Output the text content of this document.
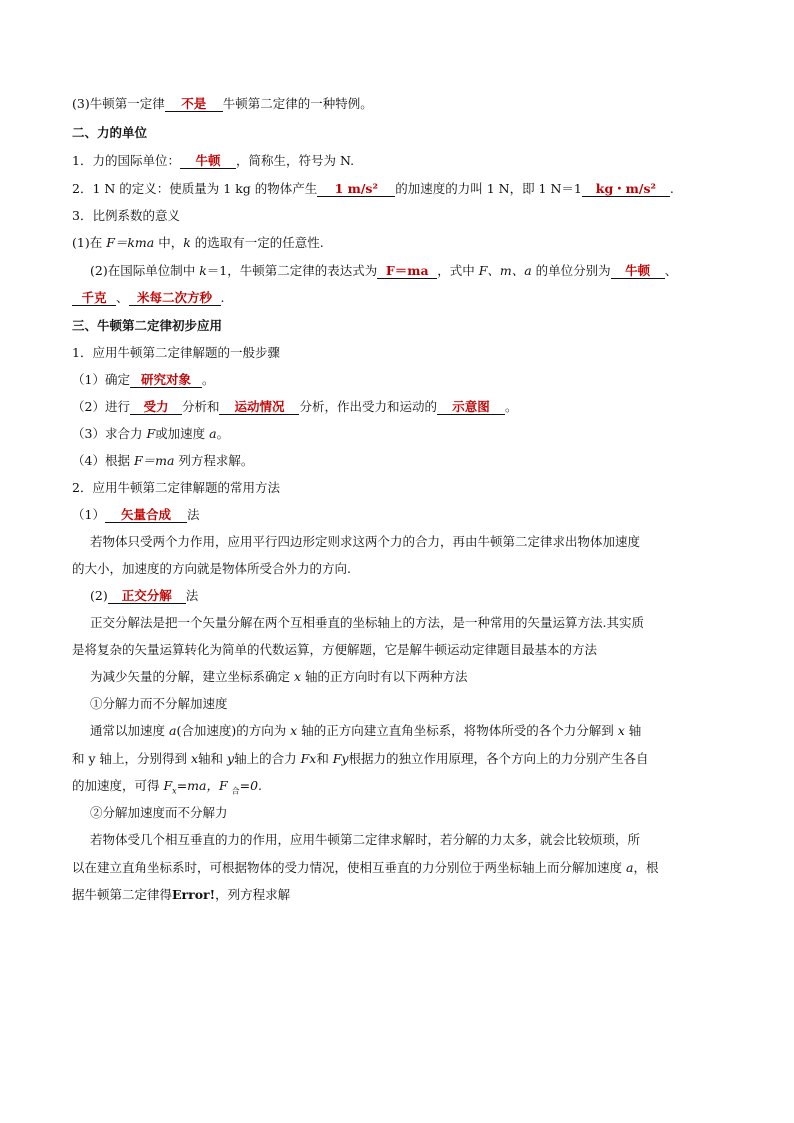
(3)牛顿第一定律 不是 牛顿第二定律的一种特例。
二、力的单位
1．力的国际单位： 牛顿 ，简称生，符号为 N.
2．1 N 的定义：使质量为 1 kg 的物体产生 1 m/s² 的加速度的力叫 1 N，即 1 N＝1 kg・m/s² .
3．比例系数的意义
(1)在 F＝kma 中，k 的选取有一定的任意性.
(2)在国际单位制中 k＝1，牛顿第二定律的表达式为 F＝ma ，式中 F、m、a 的单位分别为 牛顿 、
千克 、 米每二次方秒 .
三、牛顿第二定律初步应用
1．应用牛顿第二定律解题的一般步骤
（1）确定 研究对象 。
（2）进行 受力 分析和 运动情况 分析，作出受力和运动的 示意图 。
（3）求合力 F或加速度 a。
（4）根据 F＝ma 列方程求解。
2．应用牛顿第二定律解题的常用方法
（1） 矢量合成 法
若物体只受两个力作用，应用平行四边形定则求这两个力的合力，再由牛顿第二定律求出物体加速度
的大小，加速度的方向就是物体所受合外力的方向.
(2) 正交分解 法
正交分解法是把一个矢量分解在两个互相垂直的坐标轴上的方法，是一种常用的矢量运算方法.其实质
是将复杂的矢量运算转化为简单的代数运算，方便解题，它是解牛顿运动定律题目最基本的方法
为减少矢量的分解，建立坐标系确定 x 轴的正方向时有以下两种方法
①分解力而不分解加速度
通常以加速度 a(合加速度)的方向为 x 轴的正方向建立直角坐标系，将物体所受的各个力分解到 x 轴
和 y 轴上，分别得到 x轴和 y轴上的合力 Fx和 Fy根据力的独立作用原理，各个方向上的力分别产生各自
的加速度，可得 $F_x=ma$，F $_合$=0.
②分解加速度而不分解力
若物体受几个相互垂直的力的作用，应用牛顿第二定律求解时，若分解的力太多，就会比较烦琐，所
以在建立直角坐标系时，可根据物体的受力情况，使相互垂直的力分别位于两坐标轴上而分解加速度 a，根
据牛顿第二定律得Error!，列方程求解
